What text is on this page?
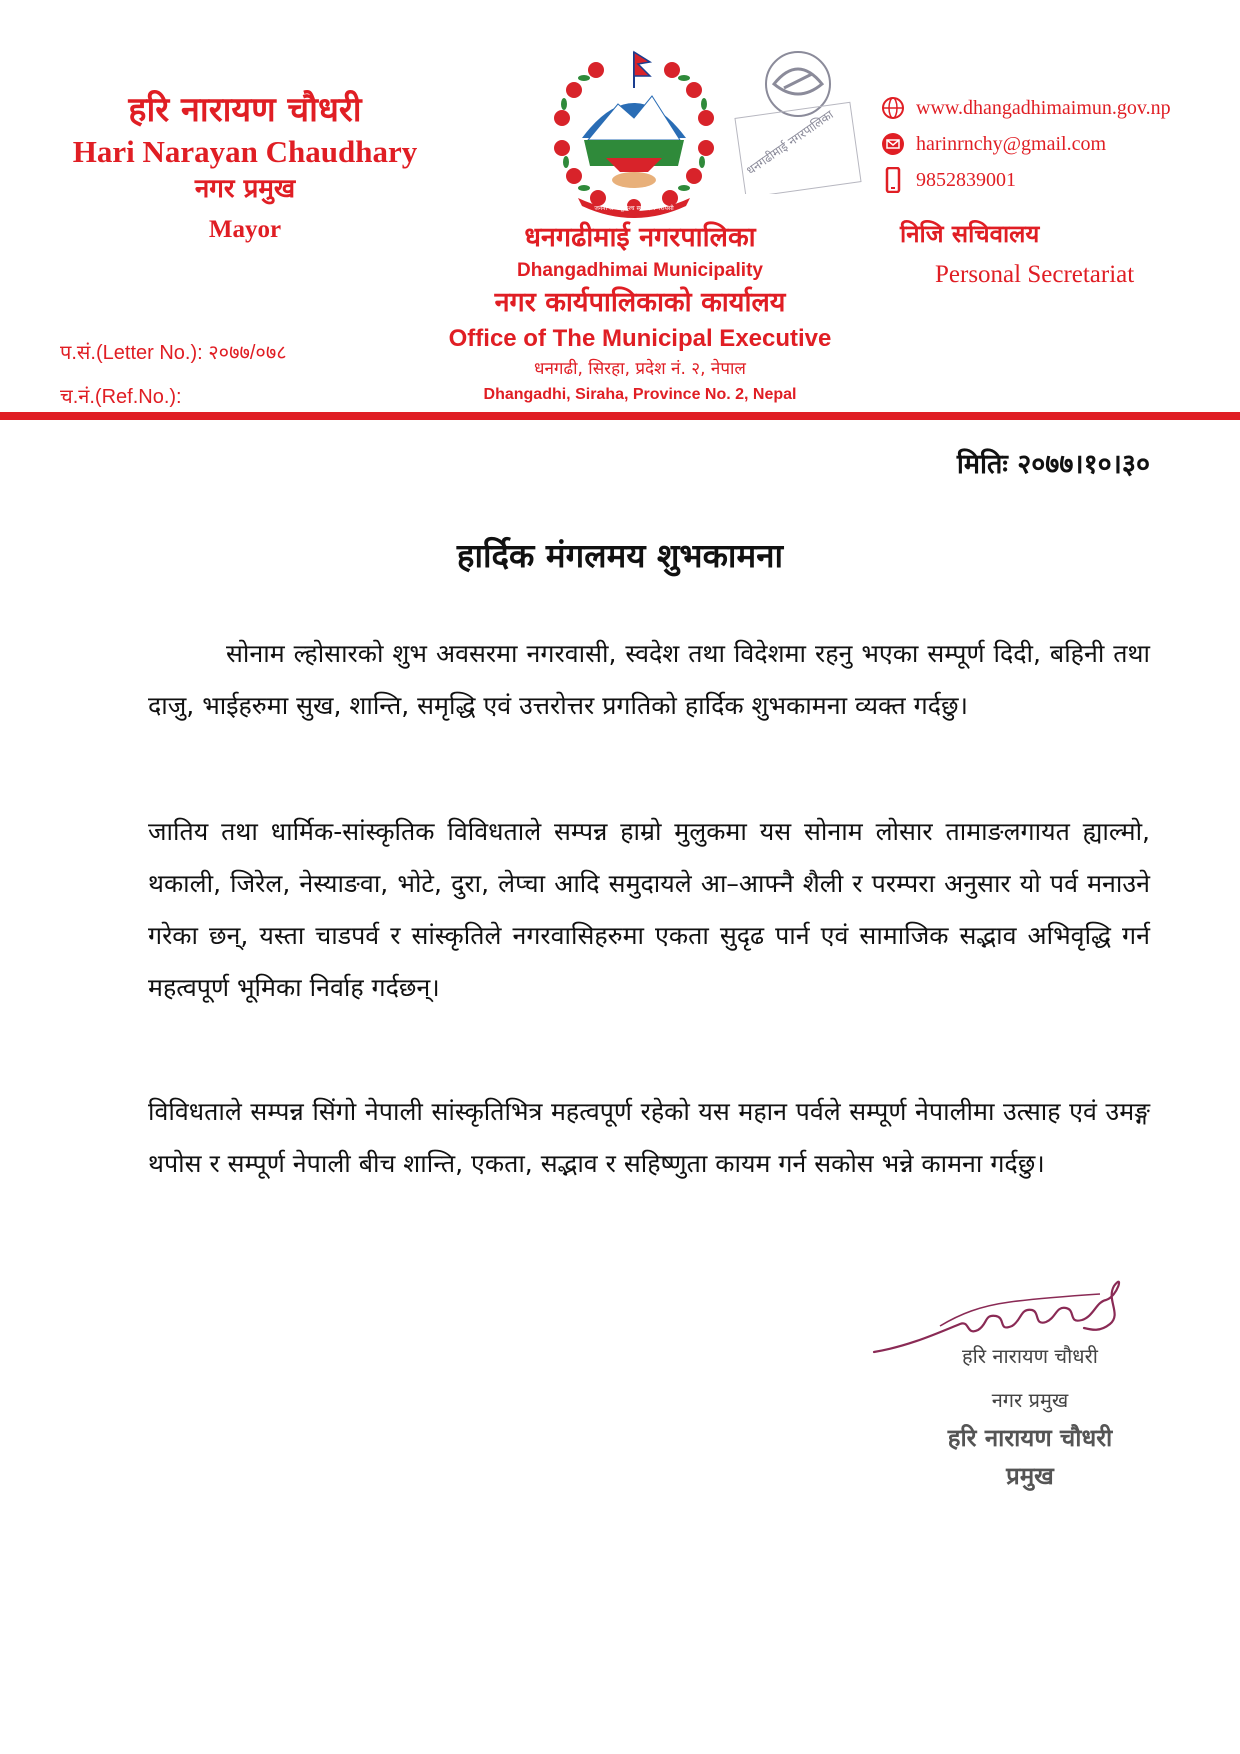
हरि नारायण चौधरी
Hari Narayan Chaudhary
नगर प्रमुख
Mayor
प.सं.(Letter No.): २०७७/०७८
च.नं.(Ref.No.):
जननी जन्मभूमिश्च स्वर्गादपि गरीयसी
धनगढीमाई नगरपालिका
धनगढीमाई नगरपालिका
Dhangadhimai Municipality
नगर कार्यपालिकाको कार्यालय
Office of The Municipal Executive
धनगढी, सिरहा, प्रदेश नं. २, नेपाल
Dhangadhi, Siraha, Province No. 2, Nepal
www.dhangadhimaimun.gov.np
harinrnchy@gmail.com
9852839001
निजि सचिवालय
Personal Secretariat
मितिः २०७७।१०।३०
हार्दिक मंगलमय शुभकामना
सोनाम ल्होसारको शुभ अवसरमा नगरवासी, स्वदेश तथा विदेशमा रहनु भएका सम्पूर्ण दिदी, बहिनी तथा दाजु, भाईहरुमा सुख, शान्ति, समृद्धि एवं उत्तरोत्तर प्रगतिको हार्दिक शुभकामना व्यक्त गर्दछु।
जातिय तथा धार्मिक-सांस्कृतिक विविधताले सम्पन्न हाम्रो मुलुकमा यस सोनाम लोसार तामाङलगायत ह्याल्मो, थकाली, जिरेल, नेस्याङवा, भोटे, दुरा, लेप्चा आदि समुदायले आ–आफ्नै शैली र परम्परा अनुसार यो पर्व मनाउने गरेका छन्, यस्ता चाडपर्व र सांस्कृतिले नगरवासिहरुमा एकता सुदृढ पार्न एवं सामाजिक सद्भाव अभिवृद्धि गर्न महत्वपूर्ण भूमिका निर्वाह गर्दछन्।
विविधताले सम्पन्न सिंगो नेपाली सांस्कृतिभित्र महत्वपूर्ण रहेको यस महान पर्वले सम्पूर्ण नेपालीमा उत्साह एवं उमङ्ग थपोस र सम्पूर्ण नेपाली बीच शान्ति, एकता, सद्भाव र सहिष्णुता कायम गर्न सकोस भन्ने कामना गर्दछु।
हरि नारायण चौधरी
नगर प्रमुख
हरि नारायण चौधरी
प्रमुख
